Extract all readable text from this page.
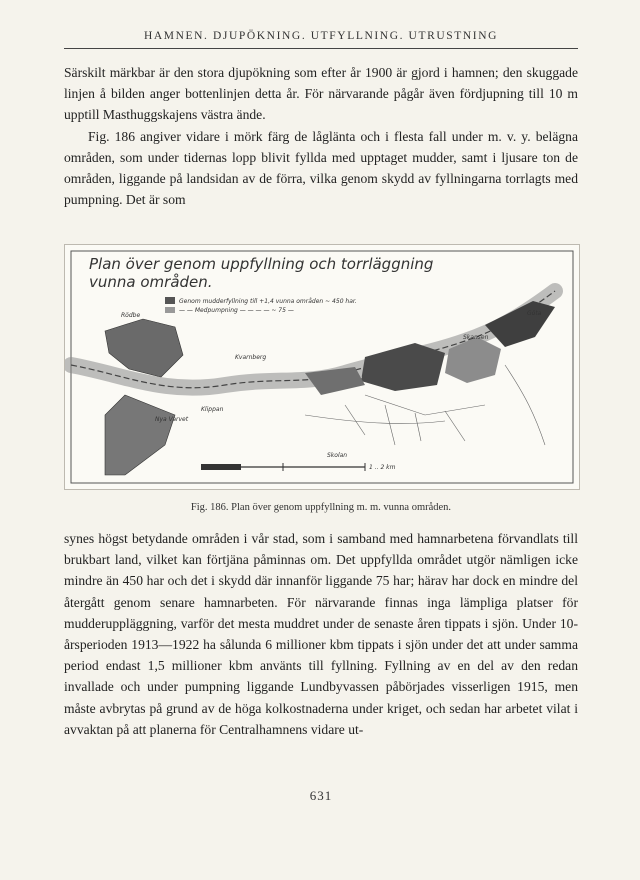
HAMNEN. DJUPÖKNING. UTFYLLNING. UTRUSTNING

Särskilt märkbar är den stora djupökning som efter år 1900 är gjord i hamnen; den skuggade linjen å bilden anger bottenlinjen detta år. För närvarande pågår även fördjupning till 10 m upptill Masthuggskajens västra ände.

Fig. 186 angiver vidare i mörk färg de låglänta och i flesta fall under m. v. y. belägna områden, som under tidernas lopp blivit fyllda med upptaget mudder, samt i ljusare ton de områden, liggande på landsidan av de förra, vilka genom skydd av fyllningarna torrlagts med pumpning. Det är som

Plan över genom uppfyllning och torrläggning
vunna områden.
Genom mudderfyllning till +1,4 vunna områden ~ 450 har.
— — Medpumpning — — — — ~ 75 —
Rödbe
Kvarnberg
Skansen
Göta
Nya Varvet
Klippan
Skolan
1 .. 2 km
Fig. 186. Plan över genom uppfyllning m. m. vunna områden.

synes högst betydande områden i vår stad, som i samband med hamnarbetena förvandlats till brukbart land, vilket kan förtjäna påminnas om. Det uppfyllda området utgör nämligen icke mindre än 450 har och det i skydd där innanför liggande 75 har; härav har dock en mindre del återgått genom senare hamnarbeten. För närvarande finnas inga lämpliga platser för mudderuppläggning, varför det mesta muddret under de senaste åren tippats i sjön. Under 10-årsperioden 1913—1922 ha sålunda 6 millioner kbm tippats i sjön under det att under samma period endast 1,5 millioner kbm använts till fyllning. Fyllning av en del av den redan invallade och under pumpning liggande Lundbyvassen påbörjades visserligen 1915, men måste avbrytas på grund av de höga kolkostnaderna under kriget, och sedan har arbetet vilat i avvaktan på att planerna för Centralhamnens vidare ut-

631
